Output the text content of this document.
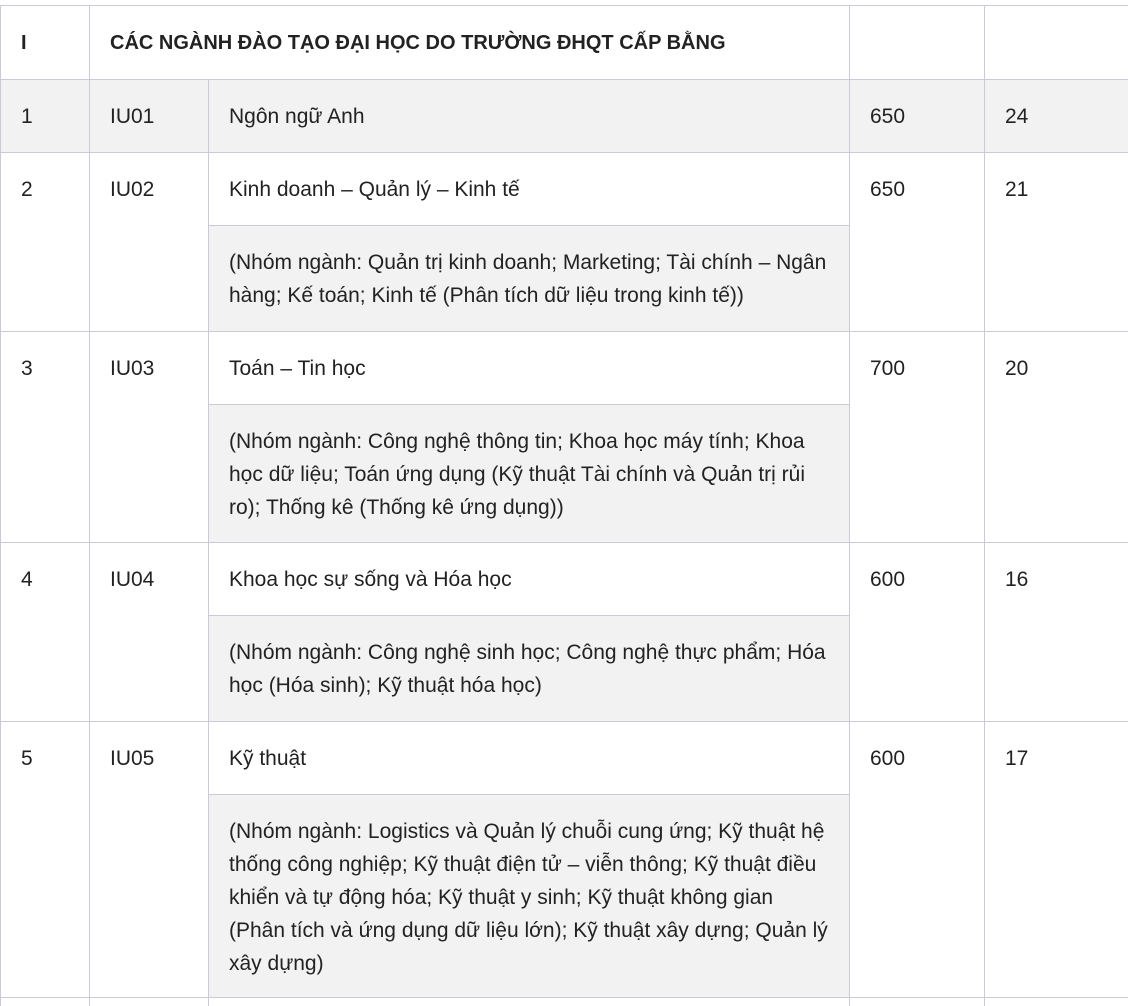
I	CÁC NGÀNH ĐÀO TẠO ĐẠI HỌC DO TRƯỜNG ĐHQT CẤP BẰNG			
1	IU01	Ngôn ngữ Anh	650	24
2	IU02	Kinh doanh – Quản lý – Kinh tế	650	21
		(Nhóm ngành: Quản trị kinh doanh; Marketing; Tài chính – Ngân hàng; Kế toán; Kinh tế (Phân tích dữ liệu trong kinh tế))		
3	IU03	Toán – Tin học	700	20
		(Nhóm ngành: Công nghệ thông tin; Khoa học máy tính; Khoa học dữ liệu; Toán ứng dụng (Kỹ thuật Tài chính và Quản trị rủi ro); Thống kê (Thống kê ứng dụng))		
4	IU04	Khoa học sự sống và Hóa học	600	16
		(Nhóm ngành: Công nghệ sinh học; Công nghệ thực phẩm; Hóa học (Hóa sinh); Kỹ thuật hóa học)		
5	IU05	Kỹ thuật	600	17
		(Nhóm ngành: Logistics và Quản lý chuỗi cung ứng; Kỹ thuật hệ thống công nghiệp; Kỹ thuật điện tử – viễn thông; Kỹ thuật điều khiển và tự động hóa; Kỹ thuật y sinh; Kỹ thuật không gian (Phân tích và ứng dụng dữ liệu lớn); Kỹ thuật xây dựng; Quản lý xây dựng)		
